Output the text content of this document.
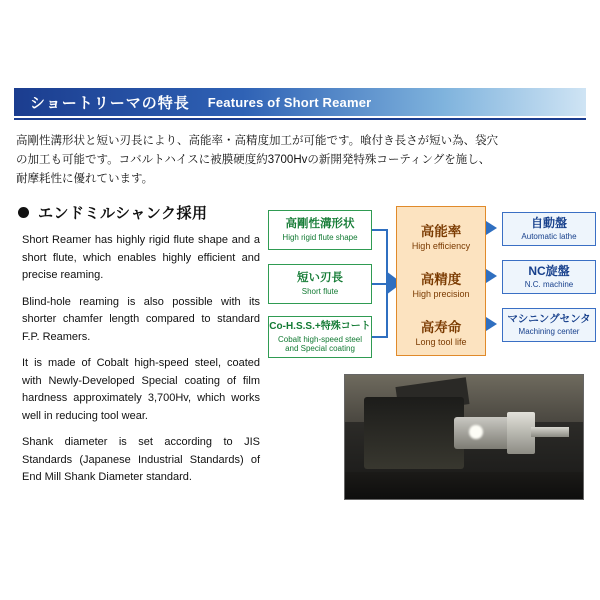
ショートリーマの特長 Features of Short Reamer
高剛性溝形状と短い刃長により、高能率・高精度加工が可能です。喰付き長さが短い為、袋穴
の加工も可能です。コバルトハイスに被膜硬度約3700Hvの新開発特殊コーティングを施し、
耐摩耗性に優れています。
エンドミルシャンク採用

Short Reamer has highly rigid flute shape and a short flute, which enables highly efficient and precise reaming.

Blind-hole reaming is also possible with its shorter chamfer length compared to standard F.P. Reamers.

It is made of Cobalt high-speed steel, coated with Newly-Developed Special coating of film hardness approximately 3,700Hv, which works well in reducing tool wear.

Shank diameter is set according to JIS Standards (Japanese Industrial Standards) of End Mill Shank Diameter standard.

高剛性溝形状
High rigid flute shape
短い刃長
Short flute
Co-H.S.S.+特殊コート
Cobalt high-speed steel
and Special coating
高能率
High efficiency
高精度
High precision
高寿命
Long tool life
自動盤
Automatic lathe
NC旋盤
N.C. machine
マシニングセンタ
Machining center
